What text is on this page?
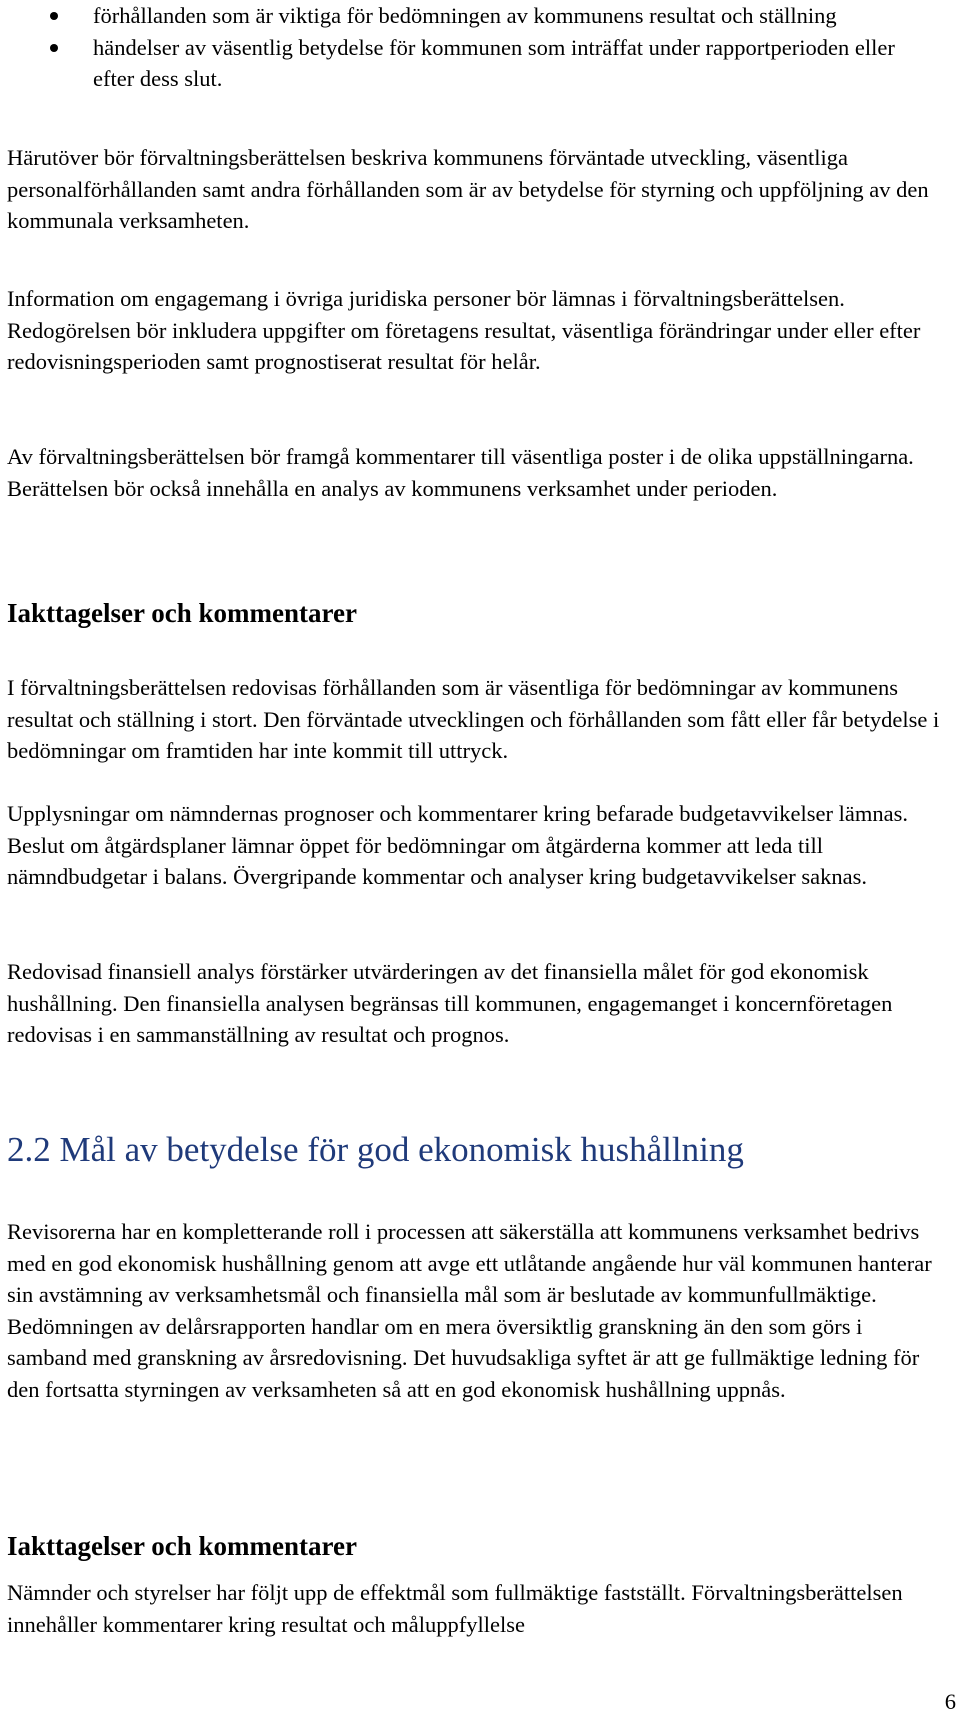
förhållanden som är viktiga för bedömningen av kommunens resultat och ställning
händelser av väsentlig betydelse för kommunen som inträffat under rapportperioden eller efter dess slut.

Härutöver bör förvaltningsberättelsen beskriva kommunens förväntade utveckling, väsentliga personalförhållanden samt andra förhållanden som är av betydelse för styrning och uppföljning av den kommunala verksamheten.

Information om engagemang i övriga juridiska personer bör lämnas i förvaltningsberättelsen. Redogörelsen bör inkludera uppgifter om företagens resultat, väsentliga förändringar under eller efter redovisningsperioden samt prognostiserat resultat för helår.

Av förvaltningsberättelsen bör framgå kommentarer till väsentliga poster i de olika uppställningarna. Berättelsen bör också innehålla en analys av kommunens verksamhet under perioden.

Iakttagelser och kommentarer

I förvaltningsberättelsen redovisas förhållanden som är väsentliga för bedömningar av kommunens resultat och ställning i stort. Den förväntade utvecklingen och förhållanden som fått eller får betydelse i bedömningar om framtiden har inte kommit till uttryck.

Upplysningar om nämndernas prognoser och kommentarer kring befarade budgetavvikelser lämnas. Beslut om åtgärdsplaner lämnar öppet för bedömningar om åtgärderna kommer att leda till nämndbudgetar i balans. Övergripande kommentar och analyser kring budgetavvikelser saknas.

Redovisad finansiell analys förstärker utvärderingen av det finansiella målet för god ekonomisk hushållning. Den finansiella analysen begränsas till kommunen, engagemanget i koncernföretagen redovisas i en sammanställning av resultat och prognos.

2.2 Mål av betydelse för god ekonomisk hushållning

Revisorerna har en kompletterande roll i processen att säkerställa att kommunens verksamhet bedrivs med en god ekonomisk hushållning genom att avge ett utlåtande angående hur väl kommunen hanterar sin avstämning av verksamhetsmål och finansiella mål som är beslutade av kommunfullmäktige. Bedömningen av delårsrapporten handlar om en mera översiktlig granskning än den som görs i samband med granskning av årsredovisning. Det huvudsakliga syftet är att ge fullmäktige ledning för den fortsatta styrningen av verksamheten så att en god ekonomisk hushållning uppnås.

Iakttagelser och kommentarer

Nämnder och styrelser har följt upp de effektmål som fullmäktige fastställt. Förvaltningsberättelsen innehåller kommentarer kring resultat och måluppfyllelse

6
